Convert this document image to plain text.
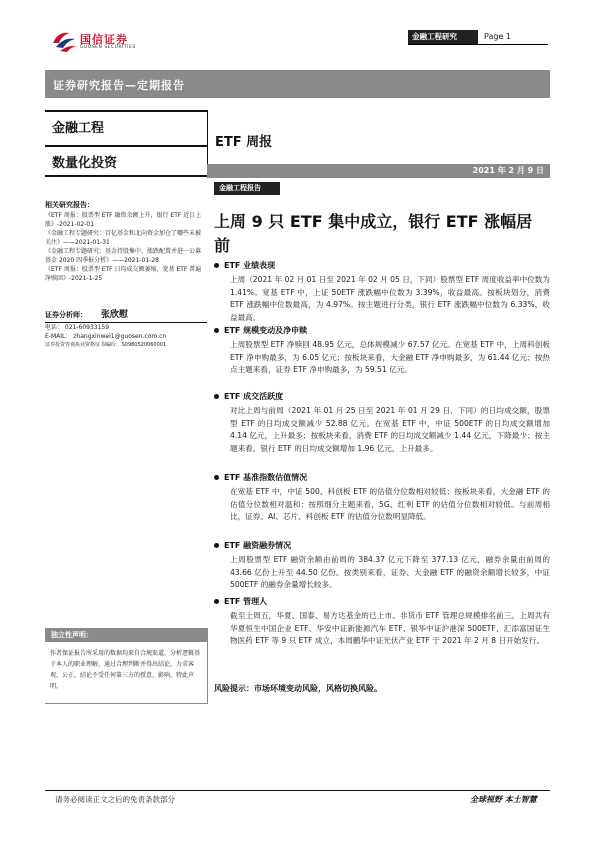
国信证券
GUOSEN SECURITIES
金融工程研究	Page 1
证券研究报告—定期报告
金融工程
数量化投资
ETF 周报
2021 年 2 月 9 日
金融工程报告
上周 9 只 ETF 集中成立，银行 ETF 涨幅居前
ETF 业绩表现
上周（2021 年 02 月 01 日至 2021 年 02 月 05 日，下同）股票型 ETF 周度收益率中位数为 1.41%。宽基 ETF 中，上证 50ETF 涨跌幅中位数为 3.39%，收益最高。按板块划分，消费 ETF 涨跌幅中位数最高，为 4.97%。按主题进行分类，银行 ETF 涨跌幅中位数为 6.33%，收益最高。
ETF 规模变动及净申赎
上周股票型 ETF 净赎回 48.95 亿元，总体规模减少 67.57 亿元。在宽基 ETF 中，上周科创板 ETF 净申购最多，为 6.05 亿元；按板块来看，大金融 ETF 净申购最多，为 61.44 亿元；按热点主题来看，证券 ETF 净申购最多，为 59.51 亿元。
ETF 成交活跃度
对比上周与前周（2021 年 01 月 25 日至 2021 年 01 月 29 日，下同）的日均成交额，股票型 ETF 的日均成交额减少 52.88 亿元。在宽基 ETF 中，中证 500ETF 的日均成交额增加 4.14 亿元，上升最多；按板块来看，消费 ETF 的日均成交额减少 1.44 亿元，下降最少；按主题来看，银行 ETF 的日均成交额增加 1.96 亿元，上升最多。
ETF 基准指数估值情况
在宽基 ETF 中，中证 500、科创板 ETF 的估值分位数相对较低；按板块来看，大金融 ETF 的估值分位数相对温和；按照细分主题来看，5G、红利 ETF 的估值分位数相对较低。与前周相比，证券、AI、芯片、科创板 ETF 的估值分位数明显降低。
ETF 融资融券情况
上周股票型 ETF 融资余额由前周的 384.37 亿元下降至 377.13 亿元，融券余量由前周的 43.66 亿份上升至 44.50 亿份。按类别来看，证券、大金融 ETF 的融资余额增长较多，中证 500ETF 的融券余量增长较多。
ETF 管理人
截至上周五，华夏、国泰、易方达基金的已上市、非货币 ETF 管理总规模排名前三。上周共有华夏恒生中国企业 ETF、华安中证新能源汽车 ETF、银华中证沪港深 500ETF、汇添富国证生物医药 ETF 等 9 只 ETF 成立，本周鹏华中证光伏产业 ETF 于 2021 年 2 月 8 日开始发行。
相关研究报告：
《ETF 周报：股票型 ETF 融资余额上升，银行 ETF 近日上涨》-2021-02-01
《金融工程专题研究：百亿基金和北向资金加仓了哪些未被关注》——2021-01-31
《金融工程专题研究：基金持股集中、涨跌配置并进一公募基金 2020 四季报分析》——2021-01-28
《ETF 周报：股票型 ETF 日均成交额萎缩，宽基 ETF 普遍净赎回》-2021-1-25
证券分析师： 张欣慰
电话： 021-60933159
E-MAIL： zhangxinwei1@guosen.com.cn
证券投资咨询执业资格证书编码： S0980520060001
独立性声明：
作者保证报告所采用的数据均来自合规渠道，分析逻辑基于本人的职业理解，通过合理判断并得出结论，力求客观、公正，结论不受任何第三方的授意、影响，特此声明。	风险提示：市场环境变动风险，风格切换风险。
请务必阅读正文之后的免责条款部分	全球视野 本土智慧
